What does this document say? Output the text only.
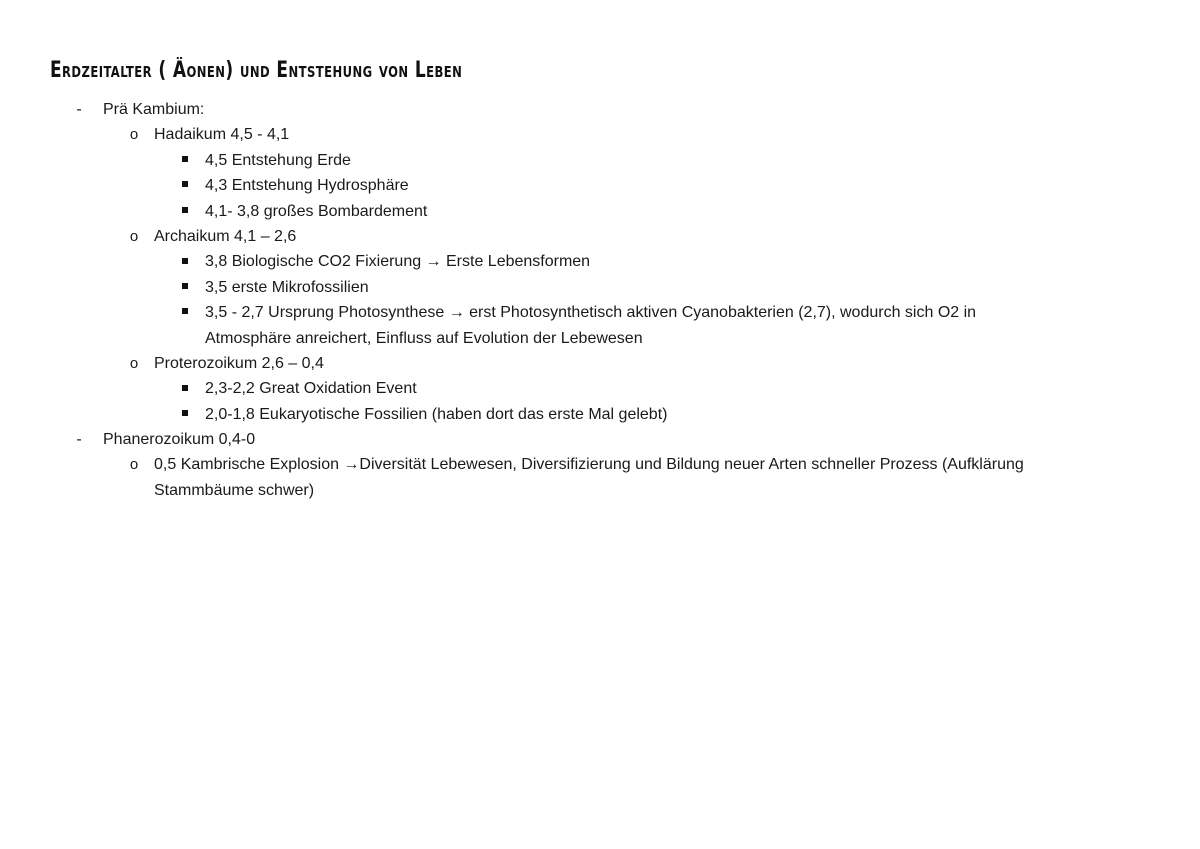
Erdzeitalter ( Äonen) und Entstehung von Leben
- Prä Kambium:
o Hadaikum 4,5 - 4,1
4,5 Entstehung Erde
4,3 Entstehung Hydrosphäre
4,1- 3,8 großes Bombardement
o Archaikum 4,1 – 2,6
3,8 Biologische CO2 Fixierung → Erste Lebensformen
3,5 erste Mikrofossilien
3,5 - 2,7 Ursprung Photosynthese → erst Photosynthetisch aktiven Cyanobakterien (2,7), wodurch sich O2 in
Atmosphäre anreichert, Einfluss auf Evolution der Lebewesen
o Proterozoikum 2,6 – 0,4
2,3-2,2 Great Oxidation Event
2,0-1,8 Eukaryotische Fossilien (haben dort das erste Mal gelebt)
- Phanerozoikum 0,4-0
o 0,5 Kambrische Explosion →Diversität Lebewesen, Diversifizierung und Bildung neuer Arten schneller Prozess (Aufklärung
Stammbäume schwer)
